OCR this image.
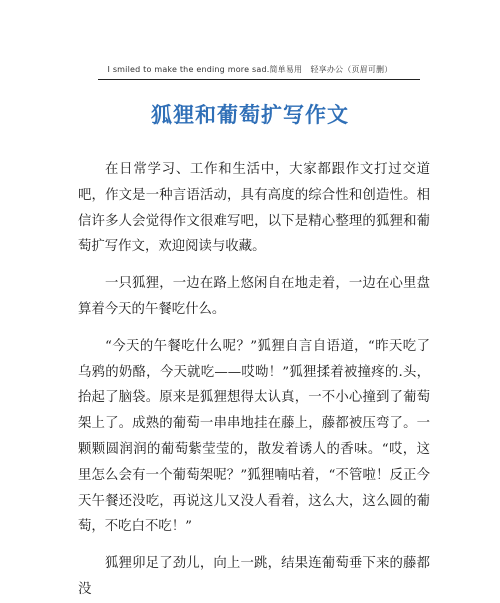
I smiled to make the ending more sad.简单易用　轻享办公（页眉可删）
狐狸和葡萄扩写作文

在日常学习、工作和生活中，大家都跟作文打过交道吧，作文是一种言语活动，具有高度的综合性和创造性。相信许多人会觉得作文很难写吧，以下是精心整理的狐狸和葡萄扩写作文，欢迎阅读与收藏。

一只狐狸，一边在路上悠闲自在地走着，一边在心里盘算着今天的午餐吃什么。

“今天的午餐吃什么呢？”狐狸自言自语道，“昨天吃了乌鸦的奶酪，今天就吃——哎呦！”狐狸揉着被撞疼的.头，抬起了脑袋。原来是狐狸想得太认真，一不小心撞到了葡萄架上了。成熟的葡萄一串串地挂在藤上，藤都被压弯了。一颗颗圆润润的葡萄紫莹莹的，散发着诱人的香味。“哎，这里怎么会有一个葡萄架呢？”狐狸喃咕着，“不管啦！反正今天午餐还没吃，再说这儿又没人看着，这么大，这么圆的葡萄，不吃白不吃！”

狐狸卯足了劲儿，向上一跳，结果连葡萄垂下来的藤都没
